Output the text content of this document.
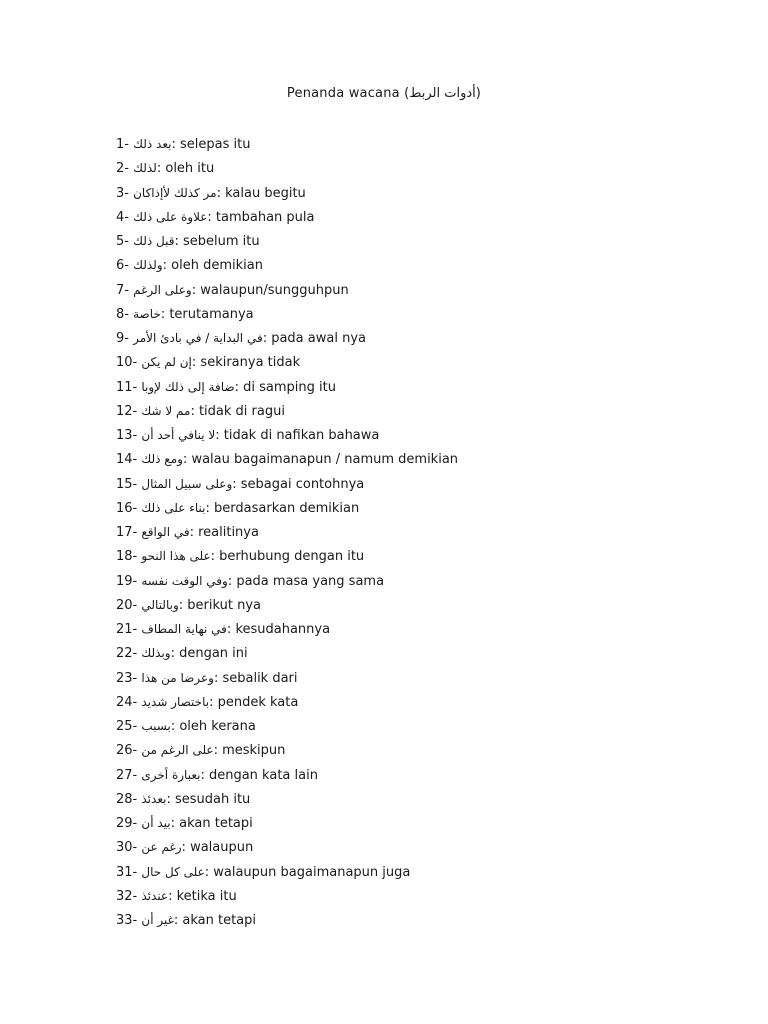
Penanda wacana (أدوات الربط)
1- بعد ذلك: selepas itu
2- لذلك: oleh itu
3- مر كذلك لأإذاكان: kalau begitu
4- علاوة على ذلك: tambahan pula
5- قبل ذلك: sebelum itu
6- ولذلك: oleh demikian
7- وعلى الرغم: walaupun/sungguhpun
8- خاصة: terutamanya
9- في البداية / في بادئ الأمر: pada awal nya
10- إن لم يكن: sekiranya tidak
11- ضافة إلى ذلك لإوبا: di samping itu
12- مم لا شك: tidak di ragui
13- لا ينافي أحد أن: tidak di nafikan bahawa
14- ومع ذلك: walau bagaimanapun / namum demikian
15- وعلى سبيل المثال: sebagai contohnya
16- بناء على ذلك: berdasarkan demikian
17- في الواقع: realitinya
18- على هذا النحو: berhubung dengan itu
19- وفي الوقت نفسه: pada masa yang sama
20- وبالتالي: berikut nya
21- في نهاية المطاف: kesudahannya
22- وبذلك: dengan ini
23- وعرضا من هذا: sebalik dari
24- باختصار شديد: pendek kata
25- بسبب: oleh kerana
26- على الرغم من: meskipun
27- بعبارة أخرى: dengan kata lain
28- بعدئذ: sesudah itu
29- بيد أن: akan tetapi
30- رغم عن: walaupun
31- على كل حال: walaupun bagaimanapun juga
32- عندئذ: ketika itu
33- غير أن: akan tetapi
